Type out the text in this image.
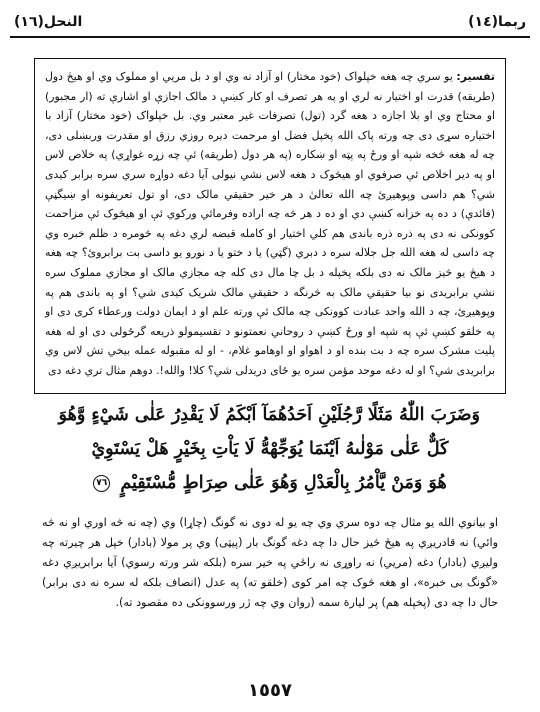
ربما(١٤)
النحل(١٦)
تفسير: يو سري چه هغه خپلواک (خود مختار) او آزاد نه وي او د بل مريي او مملوک وي او هيڅ دول (طريقه) قدرت او اختيار نه لري او په هر تصرف او کار کښې د مالک اجازې او اشارې ته (ار مجبور) او محتاج وي او بلا اجازه د هغه گرد (تول) تصرفات غير معتبر وي. بل خپلواک (خود مختار) آزاد با اختياره سړی دی چه ورته پاک الله پخپل فضل او مرحمت ديره روزي رزق او مقدرت وربښلی دی، چه له هغه څخه شپه او ورځ په پټه او ښکاره (په هر دول (طريقه) ئې چه زړه غواړي) په خلاص لاس او په دير اخلاص ئې صرفوي او هيڅوک د هغه لاس نشي نيولی آيا دغه دواړه سري سره برابر کيدی شي؟ هم داسی وپوهيږئ چه الله تعالیٰ د هر خير حقيقي مالک دی، او تول تعريفونه او ښيگڼې (فائدې) د ده په خزانه کښې دي او ده د هر څه چه اراده وفرمائي ورکوي ئې او هيڅوک ئې مزاحمت کوونکی نه دی په ذره ذره باندی هم کلي اختيار او کامله قبضه لري دغه په څومره د ظلم خبره وي چه داسی له هغه الله جل جلاله سره د دبري (گټي) يا د ختو يا د نورو يو داسی بت برابروئ؟ چه هغه د هيڅ يو څيز مالک نه دی بلکه پخپله د بل چا مال دی کله چه مجازي مالک او مجازي مملوک سره نشي برابريدی نو بيا حقيقي مالک به څرنگه د حقيقي مالک شريک کيدی شي؟ او په باندی هم په وپوهيږئ، چه د الله واحد عبادت کوونکی چه مالک ئې ورته علم او د ايمان دولت ورعطاء کری دی او په خلقو کښې ئې په شپه او ورځ کښې د روحاني نعمتونو د تقسيمولو ذريعه گرځولی دی او له هغه پليت مشرک سره چه د بت بنده او د اهواو او اوهامو غلام، - او له مقبوله عمله بيخي تش لاس وي برابريدی شي؟ او له دغه موحد مؤمن سره يو ځای دريدلی شي؟ کلا! والله!. دوهم مثال تري دغه دی
وَضَرَبَ اللّٰهُ مَثَلًا رَّجُلَيْنِ اَحَدُهُمَآ اَبْكَمُ لَا يَقْدِرُ عَلٰى شَيْءٍ وَّهُوَ
كَلٌّ عَلٰى مَوْلٰىهُ اَيْنَمَا يُوَجِّهْهُّ لَا يَاْتِ بِخَيْرٍ هَلْ يَسْتَوِيْ
هُوَ وَمَنْ يَّاْمُرُ بِالْعَدْلِ وَهُوَ عَلٰى صِرَاطٍ مُّسْتَقِيْمٍ ٧٦
او بيانوي الله يو مثال چه دوه سري وي چه يو له دوی نه گونگ (چاړا) وي (چه نه څه اوري او نه څه وائي) نه قادريږي په هيڅ څيز حال دا چه دغه گونگ بار (پيټی) وي پر مولا (بادار) خپل هر چيرته چه وليږي (بادار) دغه (مريي) نه راوړی نه راځي په خير سره (بلکه شر ورته رسوي) آيا برابريږي دغه «گونگ بی خبره»، او هغه څوک چه امر کوی (خلقو ته) په عدل (انصاف بلکه له سره نه دی برابر) حال دا چه دی (پخپله هم) پر ليارة سمه (روان وي چه ژر ورسوونکی ده مقصود ته).
١٥٥٧
